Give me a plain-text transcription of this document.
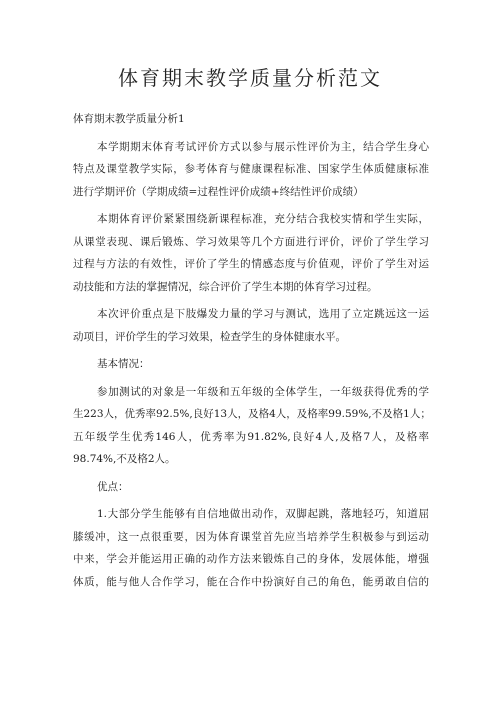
体育期末教学质量分析范文
体育期末教学质量分析1
本学期期末体育考试评价方式以参与展示性评价为主，结合学生身心
特点及课堂教学实际，参考体育与健康课程标准、国家学生体质健康标准
进行学期评价（学期成绩=过程性评价成绩+终结性评价成绩）
本期体育评价紧紧围绕新课程标准，充分结合我校实情和学生实际，
从课堂表现、课后锻炼、学习效果等几个方面进行评价，评价了学生学习
过程与方法的有效性，评价了学生的情感态度与价值观，评价了学生对运
动技能和方法的掌握情况，综合评价了学生本期的体育学习过程。
本次评价重点是下肢爆发力量的学习与测试，选用了立定跳远这一运
动项目，评价学生的学习效果，检查学生的身体健康水平。
基本情况：
参加测试的对象是一年级和五年级的全体学生，一年级获得优秀的学
生223人，优秀率92.5%,良好13人，及格4人，及格率99.59%,不及格1人；
五年级学生优秀146人，优秀率为91.82%,良好4人,及格7人，及格率
98.74%,不及格2人。
优点：
1.大部分学生能够有自信地做出动作，双脚起跳，落地轻巧，知道屈
膝缓冲，这一点很重要，因为体育课堂首先应当培养学生积极参与到运动
中来，学会并能运用正确的动作方法来锻炼自己的身体，发展体能，增强
体质，能与他人合作学习，能在合作中扮演好自己的角色，能勇敢自信的
